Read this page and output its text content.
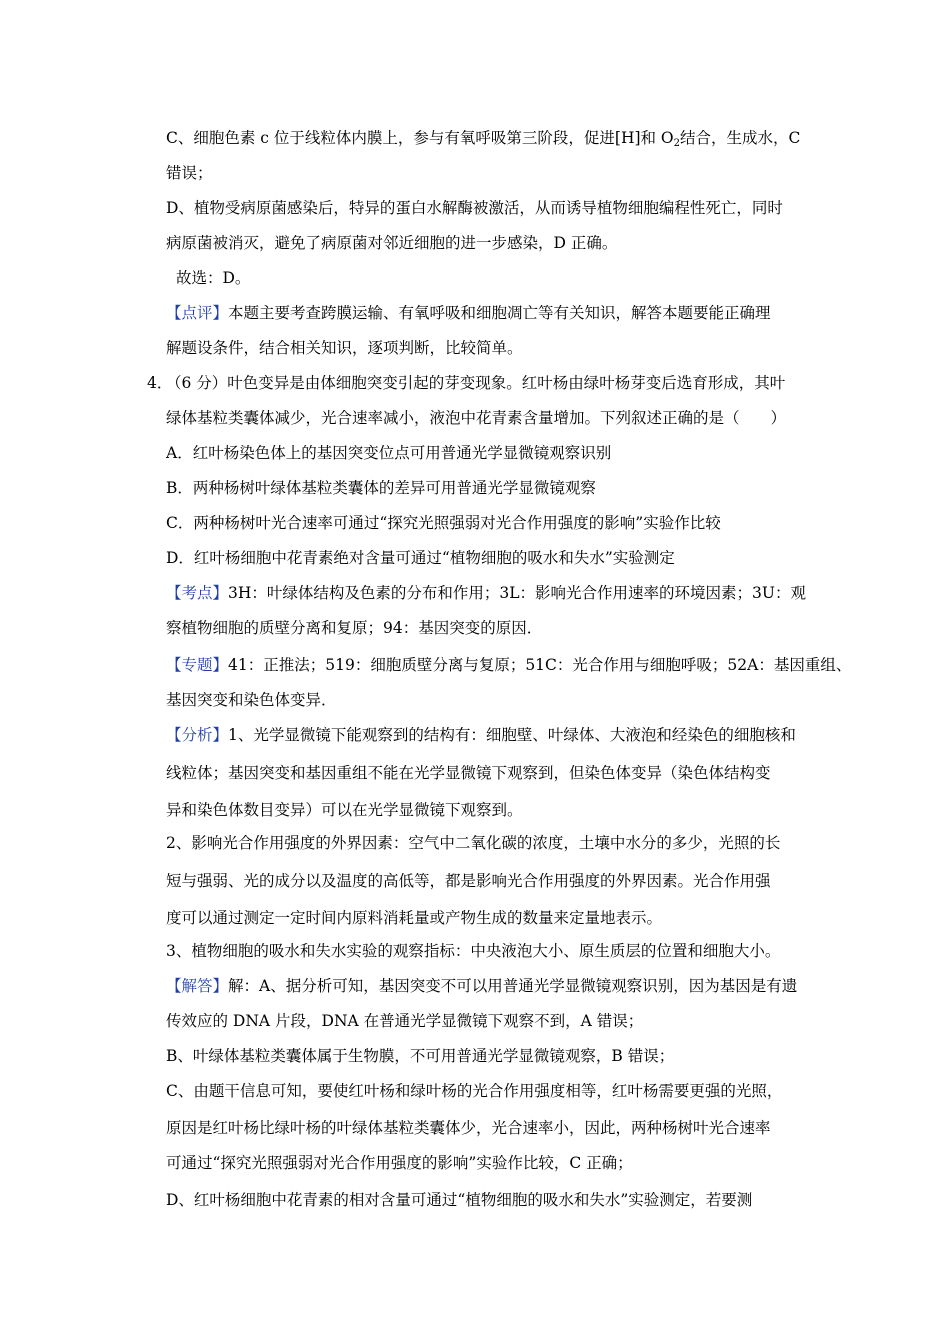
C、细胞色素 c 位于线粒体内膜上，参与有氧呼吸第三阶段，促进[H]和 $O_2$结合，生成水，C
错误；
D、植物受病原菌感染后，特异的蛋白水解酶被激活，从而诱导植物细胞编程性死亡，同时
病原菌被消灭，避免了病原菌对邻近细胞的进一步感染，D 正确。
故选：D。
【点评】本题主要考查跨膜运输、有氧呼吸和细胞凋亡等有关知识，解答本题要能正确理
解题设条件，结合相关知识，逐项判断，比较简单。
4．
（6 分）叶色变异是由体细胞突变引起的芽变现象。红叶杨由绿叶杨芽变后选育形成，其叶
绿体基粒类囊体减少，光合速率减小，液泡中花青素含量增加。下列叙述正确的是（　　）
A．红叶杨染色体上的基因突变位点可用普通光学显微镜观察识别
B．两种杨树叶绿体基粒类囊体的差异可用普通光学显微镜观察
C．两种杨树叶光合速率可通过“探究光照强弱对光合作用强度的影响”实验作比较
D．红叶杨细胞中花青素绝对含量可通过“植物细胞的吸水和失水”实验测定
【考点】3H：叶绿体结构及色素的分布和作用；3L：影响光合作用速率的环境因素；3U：观
察植物细胞的质壁分离和复原；94：基因突变的原因．
【专题】41：正推法；519：细胞质壁分离与复原；51C：光合作用与细胞呼吸；52A：基因重组、
基因突变和染色体变异．
【分析】1、光学显微镜下能观察到的结构有：细胞壁、叶绿体、大液泡和经染色的细胞核和
线粒体；基因突变和基因重组不能在光学显微镜下观察到，但染色体变异（染色体结构变
异和染色体数目变异）可以在光学显微镜下观察到。
2、影响光合作用强度的外界因素：空气中二氧化碳的浓度，土壤中水分的多少，光照的长
短与强弱、光的成分以及温度的高低等，都是影响光合作用强度的外界因素。光合作用强
度可以通过测定一定时间内原料消耗量或产物生成的数量来定量地表示。
3、植物细胞的吸水和失水实验的观察指标：中央液泡大小、原生质层的位置和细胞大小。
【解答】解：A、据分析可知，基因突变不可以用普通光学显微镜观察识别，因为基因是有遗
传效应的 DNA 片段，DNA 在普通光学显微镜下观察不到，A 错误；
B、叶绿体基粒类囊体属于生物膜，不可用普通光学显微镜观察，B 错误；
C、由题干信息可知，要使红叶杨和绿叶杨的光合作用强度相等，红叶杨需要更强的光照，
原因是红叶杨比绿叶杨的叶绿体基粒类囊体少，光合速率小，因此，两种杨树叶光合速率
可通过“探究光照强弱对光合作用强度的影响”实验作比较，C 正确；
D、红叶杨细胞中花青素的相对含量可通过“植物细胞的吸水和失水”实验测定，若要测
